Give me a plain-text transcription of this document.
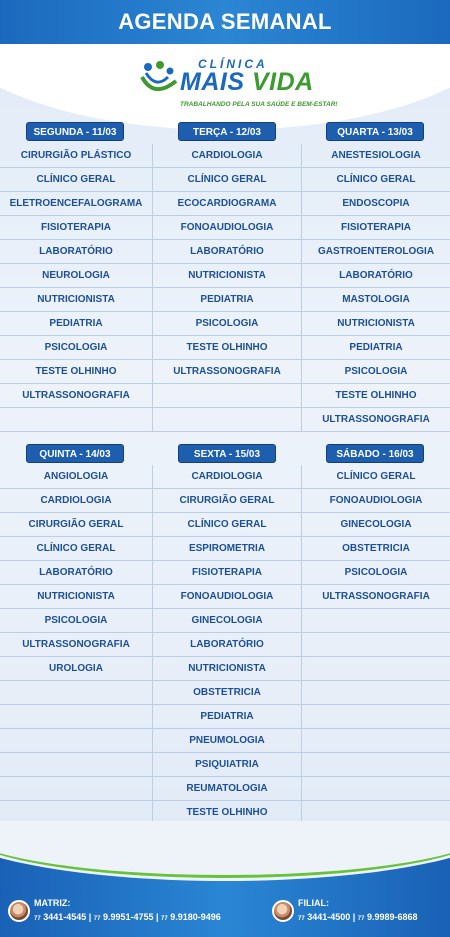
AGENDA SEMANAL
CLÍNICA
MAIS VIDA
TRABALHANDO PELA SUA SAÚDE E BEM-ESTAR!
SEGUNDA - 11/03
CIRURGIÃO PLÁSTICO
CLÍNICO GERAL
ELETROENCEFALOGRAMA
FISIOTERAPIA
LABORATÓRIO
NEUROLOGIA
NUTRICIONISTA
PEDIATRIA
PSICOLOGIA
TESTE OLHINHO
ULTRASSONOGRAFIA
TERÇA - 12/03
CARDIOLOGIA
CLÍNICO GERAL
ECOCARDIOGRAMA
FONOAUDIOLOGIA
LABORATÓRIO
NUTRICIONISTA
PEDIATRIA
PSICOLOGIA
TESTE OLHINHO
ULTRASSONOGRAFIA
QUARTA - 13/03
ANESTESIOLOGIA
CLÍNICO GERAL
ENDOSCOPIA
FISIOTERAPIA
GASTROENTEROLOGIA
LABORATÓRIO
MASTOLOGIA
NUTRICIONISTA
PEDIATRIA
PSICOLOGIA
TESTE OLHINHO
ULTRASSONOGRAFIA
QUINTA - 14/03
ANGIOLOGIA
CARDIOLOGIA
CIRURGIÃO GERAL
CLÍNICO GERAL
LABORATÓRIO
NUTRICIONISTA
PSICOLOGIA
ULTRASSONOGRAFIA
UROLOGIA
SEXTA - 15/03
CARDIOLOGIA
CIRURGIÃO GERAL
CLÍNICO GERAL
ESPIROMETRIA
FISIOTERAPIA
FONOAUDIOLOGIA
GINECOLOGIA
LABORATÓRIO
NUTRICIONISTA
OBSTETRICIA
PEDIATRIA
PNEUMOLOGIA
PSIQUIATRIA
REUMATOLOGIA
TESTE OLHINHO
SÁBADO - 16/03
CLÍNICO GERAL
FONOAUDIOLOGIA
GINECOLOGIA
OBSTETRICIA
PSICOLOGIA
ULTRASSONOGRAFIA
MATRIZ:
77 3441-4545 | 77 9.9951-4755 | 77 9.9180-9496
FILIAL:
77 3441-4500 | 77 9.9989-6868
